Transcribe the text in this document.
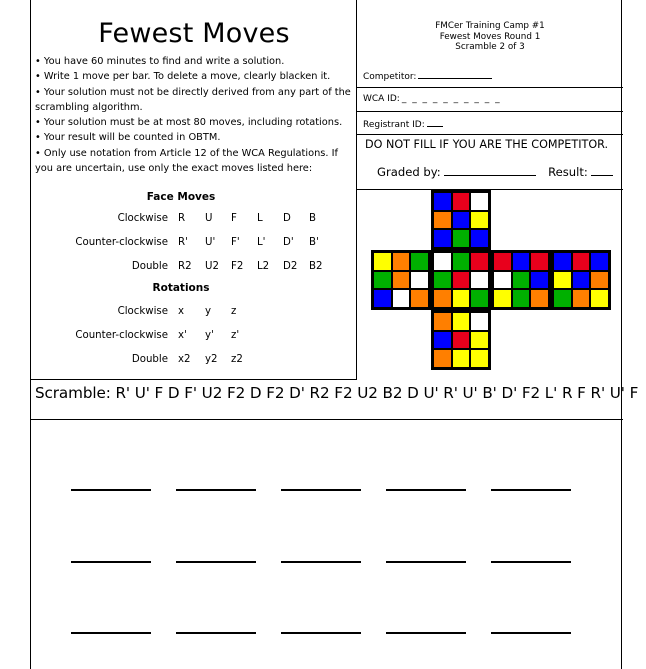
Fewest Moves
• You have 60 minutes to find and write a solution.
• Write 1 move per bar. To delete a move, clearly blacken it.
• Your solution must not be directly derived from any part of the scrambling algorithm.
• Your solution must be at most 80 moves, including rotations.
• Your result will be counted in OBTM.
• Only use notation from Article 12 of the WCA Regulations. If you are uncertain, use only the exact moves listed here:
Face Moves
Clockwise R	U	F	L	D	B
Counter-clockwise R'	U'	F'	L'	D'	B'
Double R2	U2	F2	L2	D2	B2
Rotations
Clockwise x	y	z
Counter-clockwise x'	y'	z'
Double x2	y2	z2
FMCer Training Camp #1
Fewest Moves Round 1
Scramble 2 of 3
Competitor:
WCA ID: _ _ _ _ _ _ _ _ _ _
Registrant ID:
DO NOT FILL IF YOU ARE THE COMPETITOR.
Graded by:	Result:
Scramble: R' U' F D F' U2 F2 D F2 D' R2 F2 U2 B2 D U' R' U' B' D' F2 L' R F R' U' F
